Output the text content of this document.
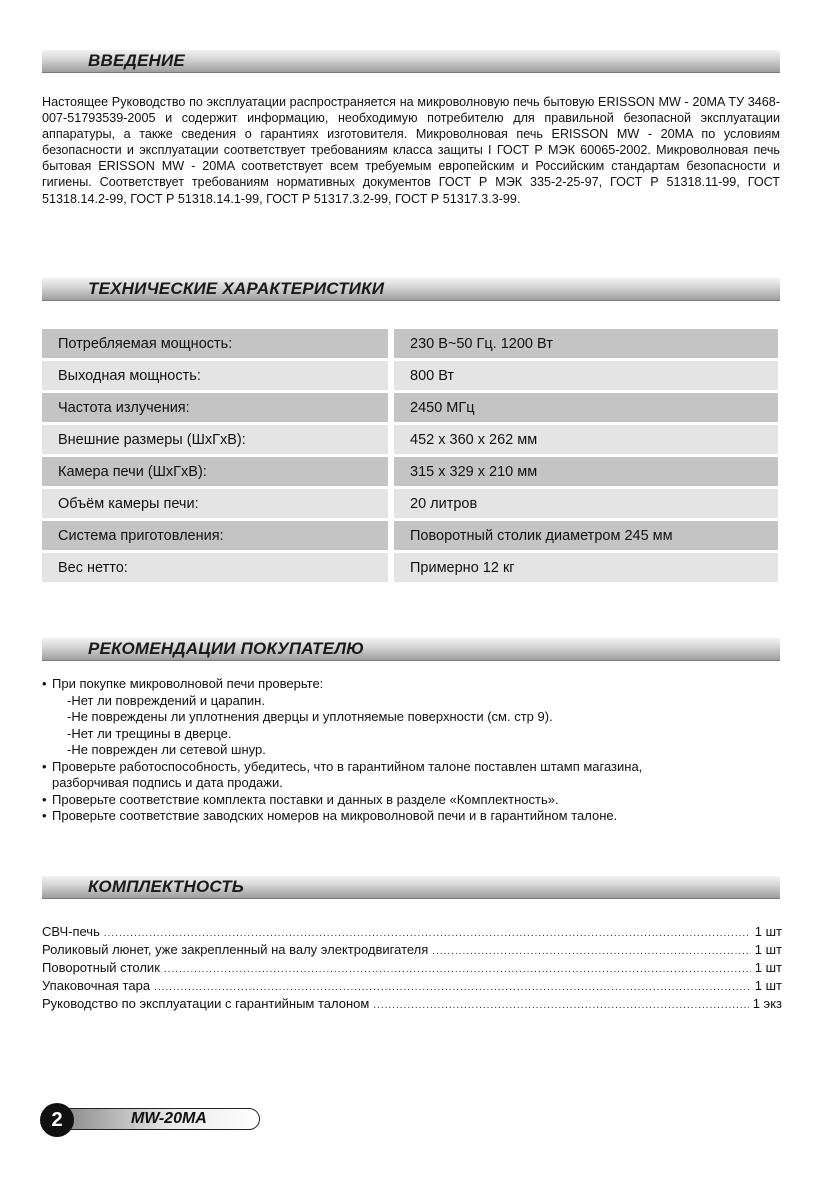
ВВЕДЕНИЕ

Настоящее Руководство по эксплуатации распространяется на микроволновую печь бытовую ERISSON MW - 20MA ТУ 3468-007-51793539-2005 и содержит информацию, необходимую потребителю для правильной безопасной эксплуатации аппаратуры, а также сведения о гарантиях изготовителя. Микроволновая печь ERISSON MW - 20MA по условиям безопасности и эксплуатации соответствует требованиям класса защиты I ГОСТ Р МЭК 60065-2002. Микроволновая печь бытовая ERISSON MW - 20MA соответствует всем требуемым европейским и Российским стандартам безопасности и гигиены. Соответствует требованиям нормативных документов ГОСТ Р МЭК 335-2-25-97, ГОСТ Р 51318.11-99, ГОСТ 51318.14.2-99, ГОСТ Р 51318.14.1-99, ГОСТ Р 51317.3.2-99, ГОСТ Р 51317.3.3-99.

ТЕХНИЧЕСКИЕ ХАРАКТЕРИСТИКИ
Потребляемая мощность:		230 В~50 Гц. 1200 Вт
Выходная мощность:		800 Вт
Частота излучения:		2450 МГц
Внешние размеры (ШхГхВ):		452 х 360 х 262 мм
Камера печи (ШхГхВ):		315 х 329 х 210 мм
Объём камеры печи:		20 литров
Система приготовления:		Поворотный столик диаметром 245 мм
Вес нетто:		Примерно 12 кг
РЕКОМЕНДАЦИИ ПОКУПАТЕЛЮ
• При покупке микроволновой печи проверьте:
-Нет ли повреждений и царапин.
-Не повреждены ли уплотнения дверцы и уплотняемые поверхности (см. стр 9).
-Нет ли трещины в дверце.
-Не поврежден ли сетевой шнур.
• Проверьте работоспособность, убедитесь, что в гарантийном талоне поставлен штамп магазина,
разборчивая подпись и дата продажи.
• Проверьте соответствие комплекта поставки и данных в разделе «Комплектность».
• Проверьте соответствие заводских номеров на микроволновой печи и в гарантийном талоне.
КОМПЛЕКТНОСТЬ
СВЧ-печь .....	1 шт
Роликовый люнет, уже закрепленный на валу электродвигателя .....	1 шт
Поворотный столик .....	1 шт
Упаковочная тара .....	1 шт
Руководство по эксплуатации с гарантийным талоном .....	1 экз
2	MW-20MA
